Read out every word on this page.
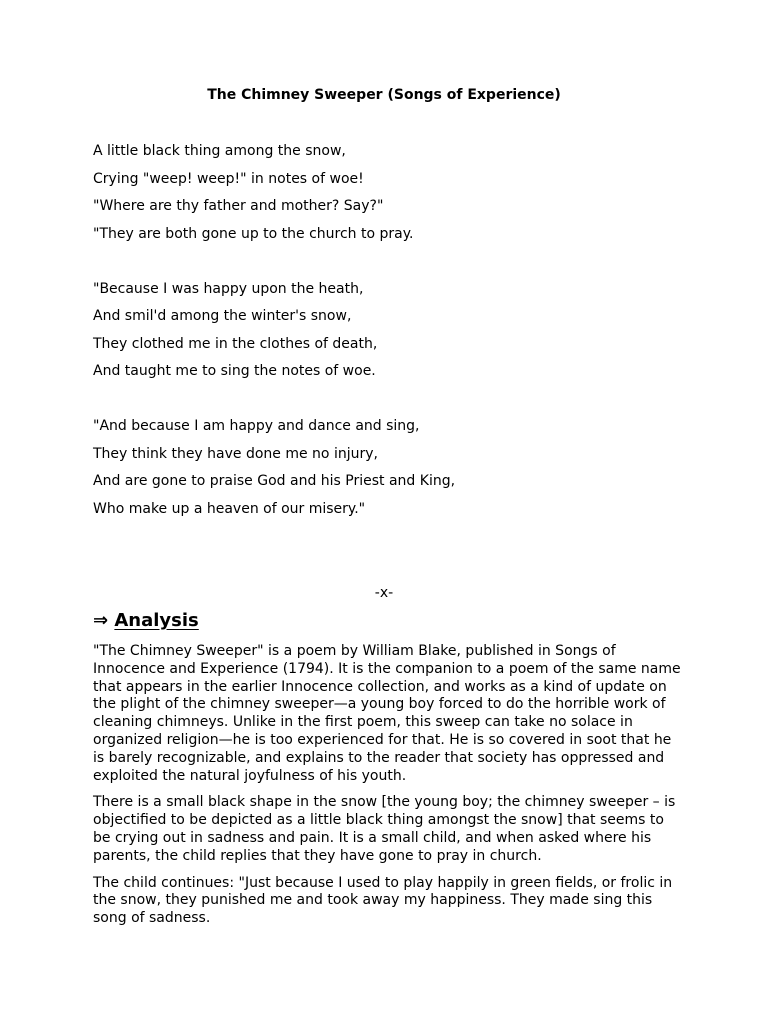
The Chimney Sweeper (Songs of Experience)
A little black thing among the snow,
Crying "weep! weep!" in notes of woe!
"Where are thy father and mother? Say?"
"They are both gone up to the church to pray.
"Because I was happy upon the heath,
And smil'd among the winter's snow,
They clothed me in the clothes of death,
And taught me to sing the notes of woe.
"And because I am happy and dance and sing,
They think they have done me no injury,
And are gone to praise God and his Priest and King,
Who make up a heaven of our misery."
-x-
⇒ Analysis

"The Chimney Sweeper" is a poem by William Blake, published in Songs of Innocence and Experience (1794). It is the companion to a poem of the same name that appears in the earlier Innocence collection, and works as a kind of update on the plight of the chimney sweeper—a young boy forced to do the horrible work of cleaning chimneys. Unlike in the first poem, this sweep can take no solace in organized religion—he is too experienced for that. He is so covered in soot that he is barely recognizable, and explains to the reader that society has oppressed and exploited the natural joyfulness of his youth.

There is a small black shape in the snow [the young boy; the chimney sweeper – is objectified to be depicted as a little black thing amongst the snow] that seems to be crying out in sadness and pain. It is a small child, and when asked where his parents, the child replies that they have gone to pray in church.

The child continues: "Just because I used to play happily in green fields, or frolic in the snow, they punished me and took away my happiness. They made sing this song of sadness.
